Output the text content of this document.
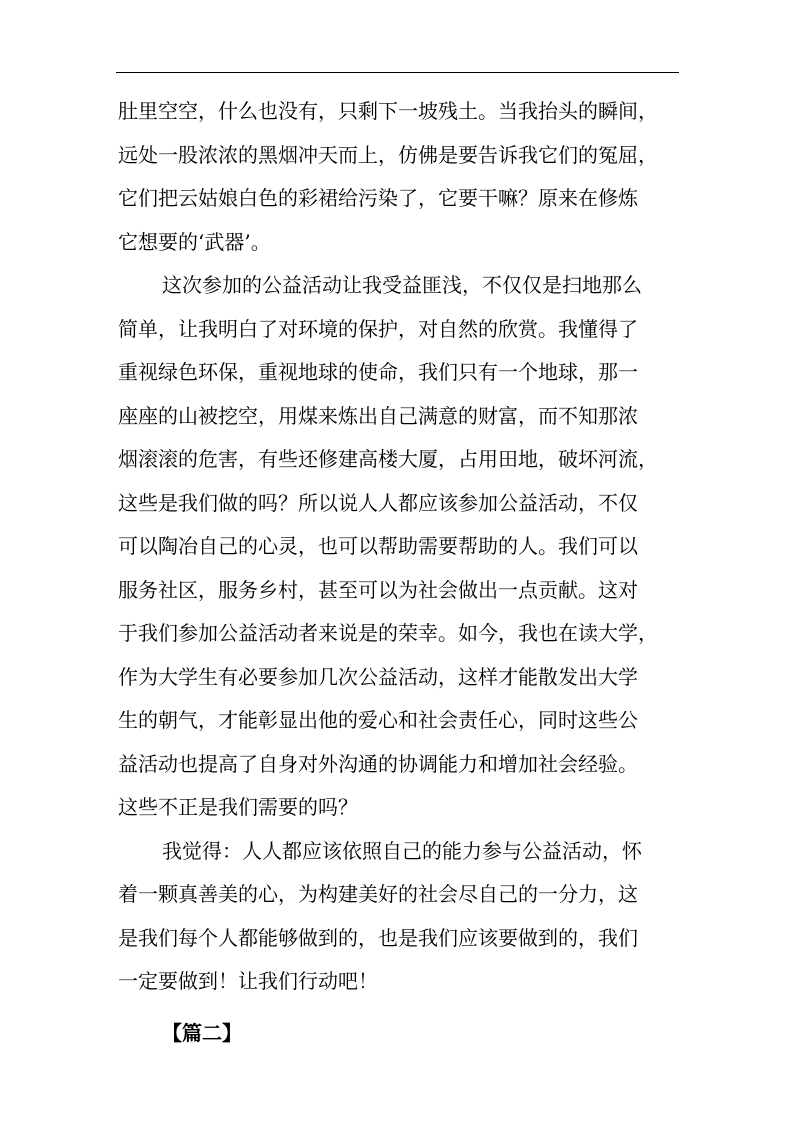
肚里空空，什么也没有，只剩下一坡残土。当我抬头的瞬间，
远处一股浓浓的黑烟冲天而上，仿佛是要告诉我它们的冤屈，
它们把云姑娘白色的彩裙给污染了，它要干嘛？原来在修炼
它想要的‘武器’。
这次参加的公益活动让我受益匪浅，不仅仅是扫地那么
简单，让我明白了对环境的保护，对自然的欣赏。我懂得了
重视绿色环保，重视地球的使命，我们只有一个地球，那一
座座的山被挖空，用煤来炼出自己满意的财富，而不知那浓
烟滚滚的危害，有些还修建高楼大厦，占用田地，破坏河流，
这些是我们做的吗？所以说人人都应该参加公益活动，不仅
可以陶冶自己的心灵，也可以帮助需要帮助的人。我们可以
服务社区，服务乡村，甚至可以为社会做出一点贡献。这对
于我们参加公益活动者来说是的荣幸。如今，我也在读大学，
作为大学生有必要参加几次公益活动，这样才能散发出大学
生的朝气，才能彰显出他的爱心和社会责任心，同时这些公
益活动也提高了自身对外沟通的协调能力和增加社会经验。
这些不正是我们需要的吗？
我觉得：人人都应该依照自己的能力参与公益活动，怀
着一颗真善美的心，为构建美好的社会尽自己的一分力，这
是我们每个人都能够做到的，也是我们应该要做到的，我们
一定要做到！让我们行动吧！
【篇二】
